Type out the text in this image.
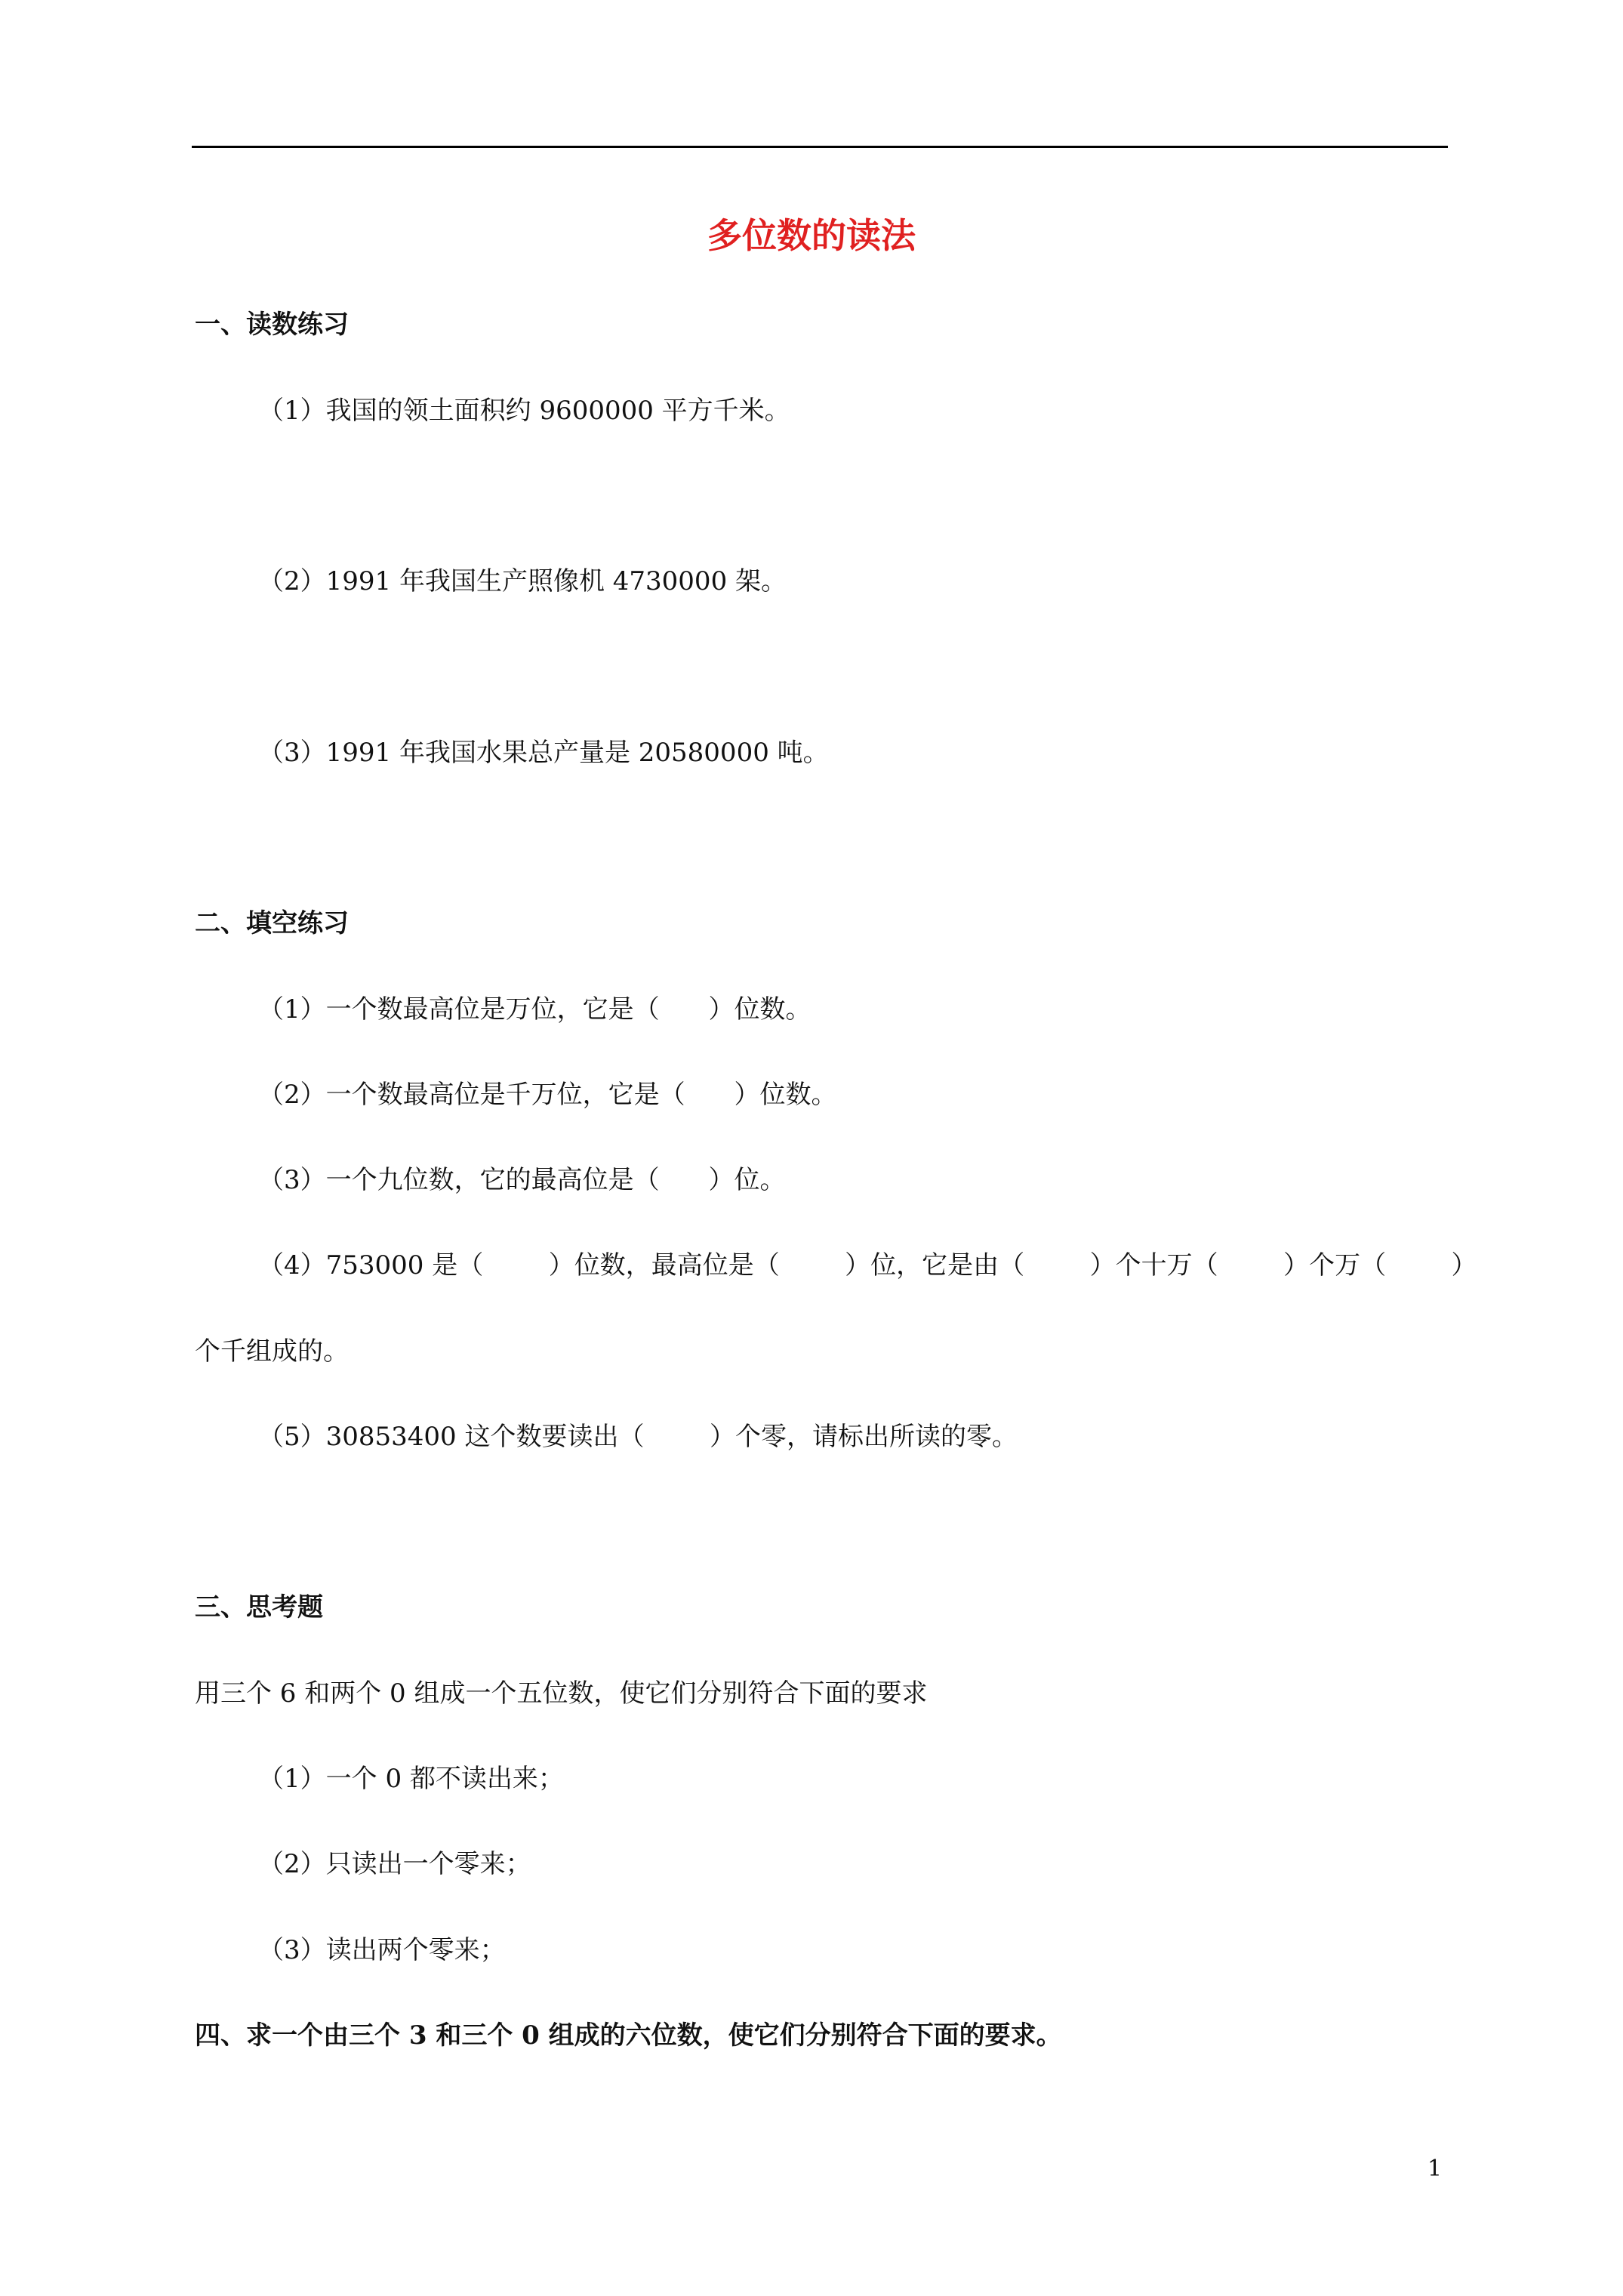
多位数的读法
一、读数练习
（1）我国的领土面积约 9600000 平方千米。
（2）1991 年我国生产照像机 4730000 架。
（3）1991 年我国水果总产量是 20580000 吨。
二、填空练习
（1）一个数最高位是万位，它是（      ）位数。
（2）一个数最高位是千万位，它是（      ）位数。
（3）一个九位数，它的最高位是（      ）位。
（4）753000 是（        ）位数，最高位是（        ）位，它是由（        ）个十万（        ）个万（        ）
个千组成的。
（5）30853400 这个数要读出（        ）个零，请标出所读的零。
三、思考题
用三个 6 和两个 0 组成一个五位数，使它们分别符合下面的要求
（1）一个 0 都不读出来；
（2）只读出一个零来；
（3）读出两个零来；
四、求一个由三个 3 和三个 0 组成的六位数，使它们分别符合下面的要求。
1
